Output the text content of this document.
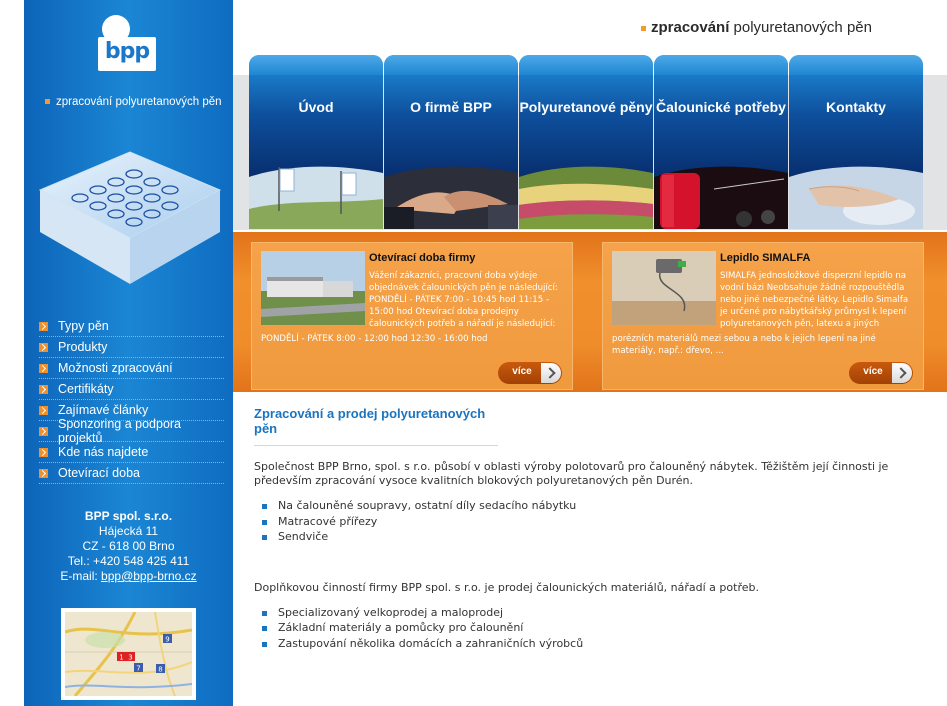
bpp
zpracování polyuretanových pěn
Typy pěn
Produkty
Možnosti zpracování
Certifikáty
Zajímavé články
Sponzoring a podpora projektů
Kde nás najdete
Otevírací doba
BPP spol. s.r.o.
Hájecká 11
CZ - 618 00 Brno
Tel.: +420 548 425 411
E-mail: bpp@bpp-brno.cz
1 3
7	8
9
zpracování polyuretanových pěn
Úvod	O firmě BPP	Polyuretanové pěny Čalounické potřeby	Kontakty
Otevírací doba firmy
Vážení zákazníci, pracovní doba výdeje objednávek čalounických pěn je následující: PONDĚLÍ - PÁTEK 7:00 - 10:45 hod 11:15 - 15:00 hod Otevírací doba prodejny čalounických potřeb a nářadí je následující:
PONDĚLÍ - PÁTEK 8:00 - 12:00 hod 12:30 - 16:00 hod
více
Lepidlo SIMALFA
SIMALFA jednosložkové disperzní lepidlo na vodní bázi Neobsahuje žádné rozpouštědla nebo jiné nebezpečné látky. Lepidlo Simalfa je určené pro nábytkářský průmysl k lepení polyuretanových pěn, latexu a jiných
porézních materiálů mezi sebou a nebo k jejich lepení na jiné materiály, např.: dřevo, ...
více
Zpracování a prodej polyuretanových pěn

Společnost BPP Brno, spol. s r.o. působí v oblasti výroby polotovarů pro čalouněný nábytek. Těžištěm její činnosti je především zpracování vysoce kvalitních blokových polyuretanových pěn Durén.

Na čalouněné soupravy, ostatní díly sedacího nábytku
Matracové přířezy
Sendviče

Doplňkovou činností firmy BPP spol. s r.o. je prodej čalounických materiálů, nářadí a potřeb.

Specializovaný velkoprodej a maloprodej
Základní materiály a pomůcky pro čalounění
Zastupování několika domácích a zahraničních výrobců
